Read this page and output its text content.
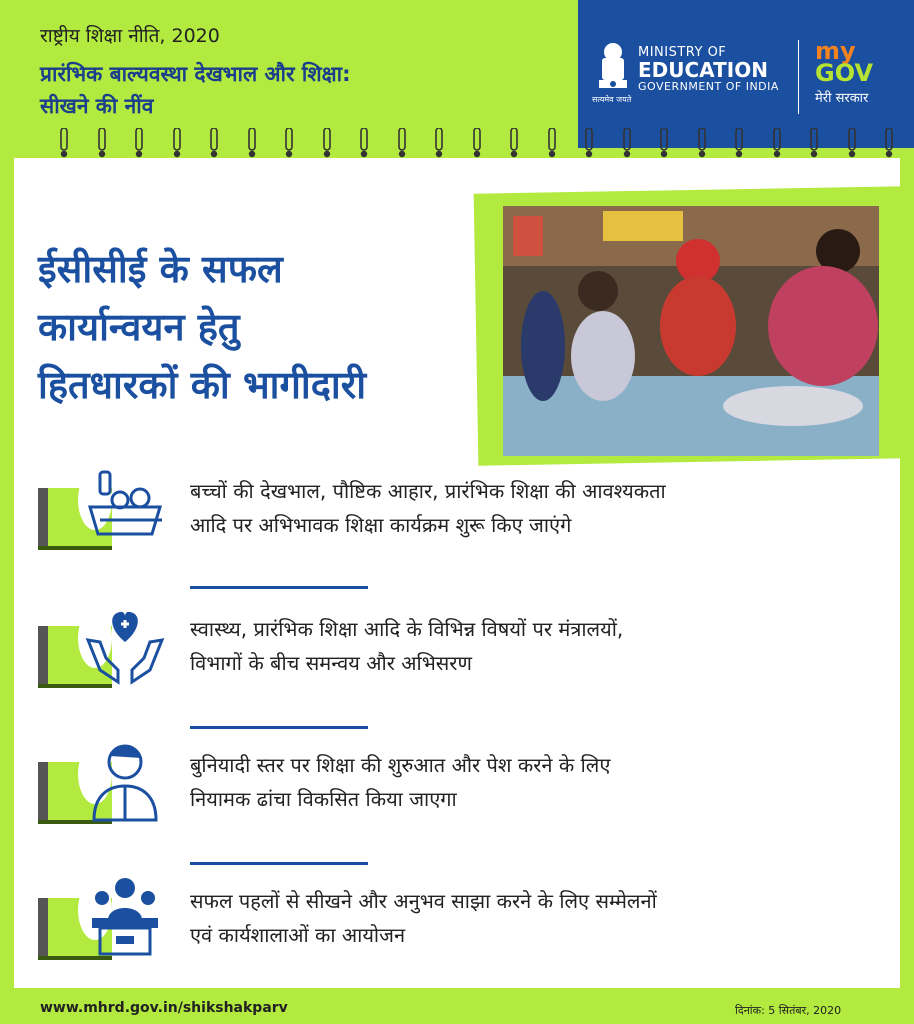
राष्ट्रीय शिक्षा नीति, 2020
प्रारंभिक बाल्यवस्था देखभाल और शिक्षा:
सीखने की नींव	सत्यमेव जयते
MINISTRY OF
EDUCATION
GOVERNMENT OF INDIA
my
GOV
मेरी सरकार
ईसीसीई के सफल
कार्यान्वयन हेतु
हितधारकों की भागीदारी
बच्चों की देखभाल, पौष्टिक आहार, प्रारंभिक शिक्षा की आवश्यकता
आदि पर अभिभावक शिक्षा कार्यक्रम शुरू किए जाएंगे
स्वास्थ्य, प्रारंभिक शिक्षा आदि के विभिन्न विषयों पर मंत्रालयों,
विभागों के बीच समन्वय और अभिसरण
बुनियादी स्तर पर शिक्षा की शुरुआत और पेश करने के लिए
नियामक ढांचा विकसित किया जाएगा
सफल पहलों से सीखने और अनुभव साझा करने के लिए सम्मेलनों
एवं कार्यशालाओं का आयोजन
www.mhrd.gov.in/shikshakparv	दिनांक: 5 सितंबर, 2020
